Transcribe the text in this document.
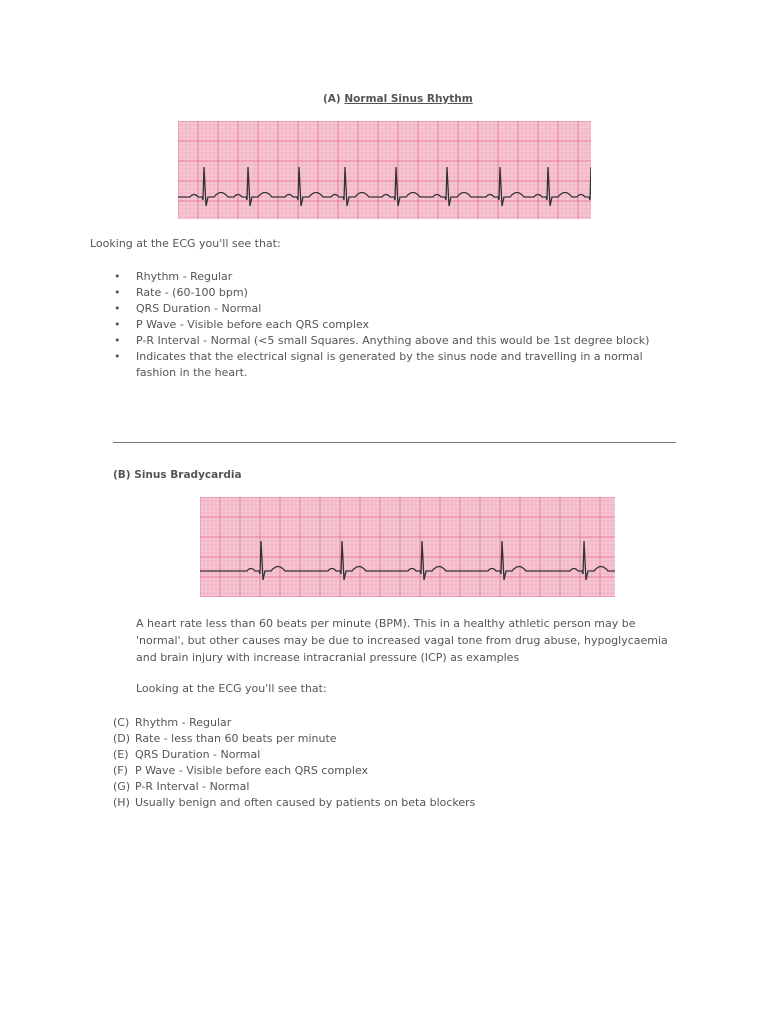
(A) Normal Sinus Rhythm
Looking at the ECG you'll see that:
• Rhythm - Regular
• Rate - (60-100 bpm)
• QRS Duration - Normal
• P Wave - Visible before each QRS complex
• P-R Interval - Normal (<5 small Squares. Anything above and this would be 1st degree block)
• Indicates that the electrical signal is generated by the sinus node and travelling in a normal fashion in the heart.
(B) Sinus Bradycardia
A heart rate less than 60 beats per minute (BPM). This in a healthy athletic person may be 'normal', but other causes may be due to increased vagal tone from drug abuse, hypoglycaemia and brain injury with increase intracranial pressure (ICP) as examples
Looking at the ECG you'll see that:
(C) Rhythm - Regular
(D) Rate - less than 60 beats per minute
(E) QRS Duration - Normal
(F) P Wave - Visible before each QRS complex
(G) P-R Interval - Normal
(H) Usually benign and often caused by patients on beta blockers
